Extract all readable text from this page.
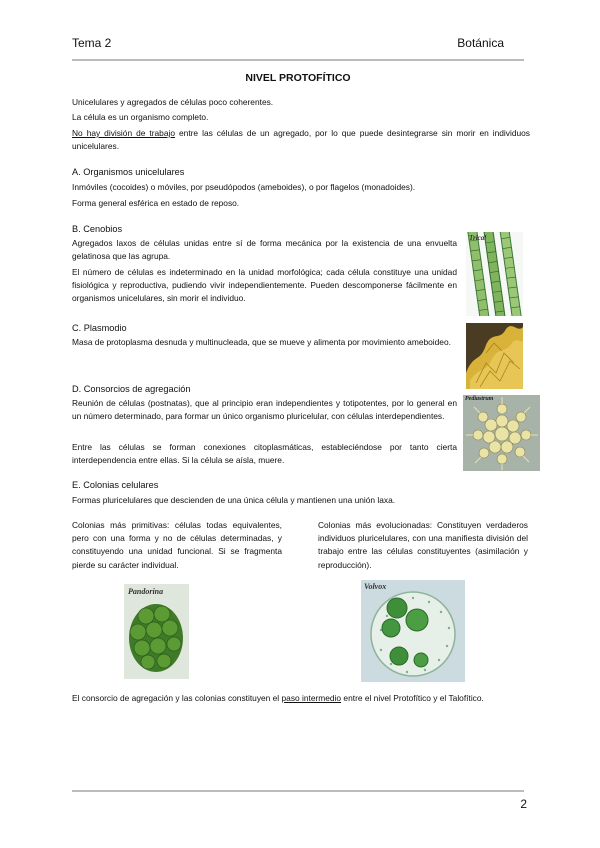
Tema 2	Botánica
NIVEL PROTOFÍTICO
Unicelulares y agregados de células poco coherentes.
La célula es un organismo completo.
No hay división de trabajo entre las células de un agregado, por lo que puede desintegrarse sin morir en individuos unicelulares.
A. Organismos unicelulares
Inmóviles (cocoides) o móviles, por pseudópodos (ameboides), o por flagelos (monadoides).
Forma general esférica en estado de reposo.
B. Cenobios
Agregados laxos de células unidas entre sí de forma mecánica por la existencia de una envuelta gelatinosa que las agrupa.
El número de células es indeterminado en la unidad morfológica; cada célula constituye una unidad fisiológica y reproductiva, pudiendo vivir independientemente. Pueden descomponerse fácilmente en organismos unicelulares, sin morir el individuo.
Trical
C. Plasmodio
Masa de protoplasma desnuda y multinucleada, que se mueve y alimenta por movimiento ameboideo.
D. Consorcios de agregación
Reunión de células (postnatas), que al principio eran independientes y totipotentes, por lo general en un número determinado, para formar un único organismo pluricelular, con células interdependientes.
Entre las células se forman conexiones citoplasmáticas, estableciéndose por tanto cierta interdependencia entre ellas. Si la célula se aísla, muere.
Pediastrum
E. Colonias celulares
Formas pluricelulares que descienden de una única célula y mantienen una unión laxa.
Colonias más primitivas: células todas equivalentes, pero con una forma y no de células determinadas, y constituyendo una unidad funcional. Si se fragmenta pierde su carácter individual.
Colonias más evolucionadas: Constituyen verdaderos individuos pluricelulares, con una manifiesta división del trabajo entre las células constituyentes (asimilación y reproducción).
Pandorina
Volvox
El consorcio de agregación y las colonias constituyen el paso intermedio entre el nivel Protofítico y el Talofítico.
2
